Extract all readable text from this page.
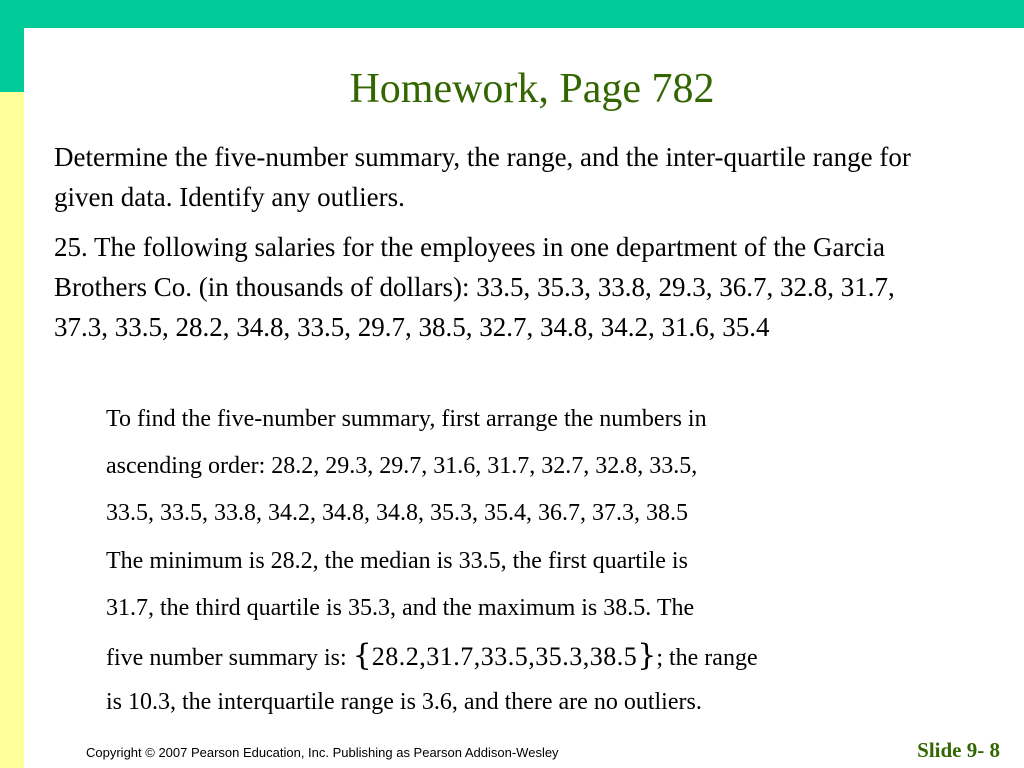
Homework, Page 782

Determine the five-number summary, the range, and the inter-quartile range for given data. Identify any outliers.

25. The following salaries for the employees in one department of the Garcia Brothers Co. (in thousands of dollars): 33.5, 35.3, 33.8, 29.3, 36.7, 32.8, 31.7, 37.3, 33.5, 28.2, 34.8, 33.5, 29.7, 38.5, 32.7, 34.8, 34.2, 31.6, 35.4

To find the five-number summary, first arrange the numbers in

ascending order: 28.2, 29.3, 29.7, 31.6, 31.7, 32.7, 32.8, 33.5,

33.5, 33.5, 33.8, 34.2, 34.8, 34.8, 35.3, 35.4, 36.7, 37.3, 38.5

The minimum is 28.2, the median is 33.5, the first quartile is

31.7, the third quartile is 35.3, and the maximum is 38.5. The

five number summary is: {28.2,31.7,33.5,35.3,38.5}; the range

is 10.3, the interquartile range is 3.6, and there are no outliers.

Copyright © 2007 Pearson Education, Inc. Publishing as Pearson Addison-Wesley	Slide 9- 8
